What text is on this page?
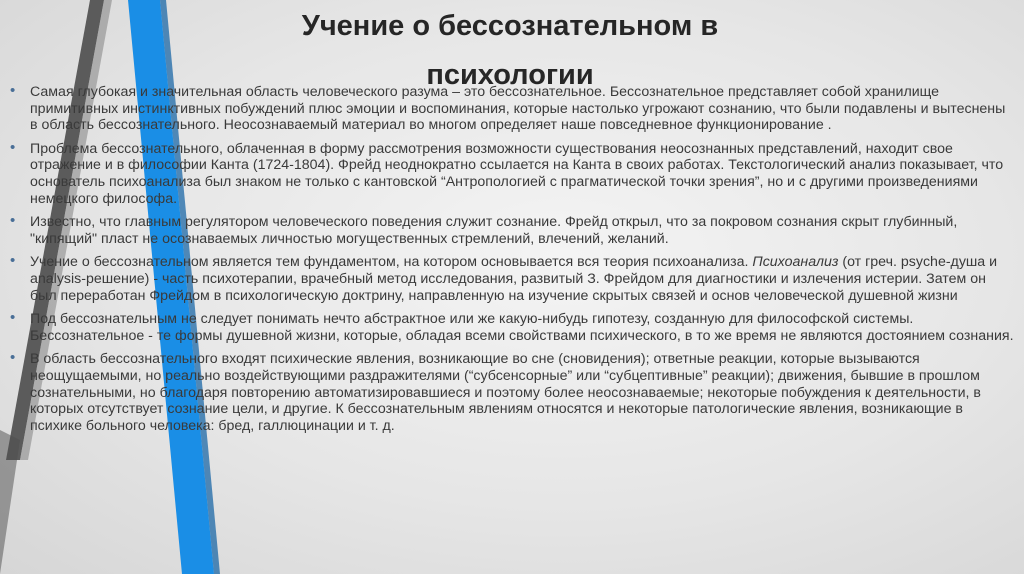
Учение о бессознательном в
психологии
• Самая глубокая и значительная область человеческого разума – это бессознательное. Бессознательное представляет собой хранилище примитивных инстинктивных побуждений плюс эмоции и воспоминания, которые настолько угрожают сознанию, что были подавлены и вытеснены в область бессознательного. Неосознаваемый материал во многом определяет наше повседневное функционирование .
• Проблема бессознательного, облаченная в форму рассмотрения возможности существования неосознанных представлений, находит свое отражение и в философии Канта (1724-1804). Фрейд неоднократно ссылается на Канта в своих работах. Текстологический анализ показывает, что основатель психоанализа был знаком не только с кантовской “Антропологией с прагматической точки зрения”, но и с другими произведениями немецкого философа.
• Известно, что главным регулятором человеческого поведения служит сознание. Фрейд открыл, что за покровом сознания скрыт глубинный, "кипящий" пласт не осознаваемых личностью могущественных стремлений, влечений, желаний.
• Учение о бессознательном является тем фундаментом, на котором основывается вся теория психоанализа. Психоанализ (от греч. psyche-душа и analysis-решение) - часть психотерапии, врачебный метод исследования, развитый З. Фрейдом для диагностики и излечения истерии. Затем он был переработан Фрейдом в психологическую доктрину, направленную на изучение скрытых связей и основ человеческой душевной жизни
• Под бессознательным не следует понимать нечто абстрактное или же какую-нибудь гипотезу, созданную для философской системы. Бессознательное - те формы душевной жизни, которые, обладая всеми свойствами психического, в то же время не являются достоянием сознания.
• В область бессознательного входят психические явления, возникающие во сне (сновидения); ответные реакции, которые вызываются неощущаемыми, но реально воздействующими раздражителями (“субсенсорные” или “субцептивные” реакции); движения, бывшие в прошлом сознательными, но благодаря повторению автоматизировавшиеся и поэтому более неосознаваемые; некоторые побуждения к деятельности, в которых отсутствует сознание цели, и другие. К бессознательным явлениям относятся и некоторые патологические явления, возникающие в психике больного человека: бред, галлюцинации и т. д.
